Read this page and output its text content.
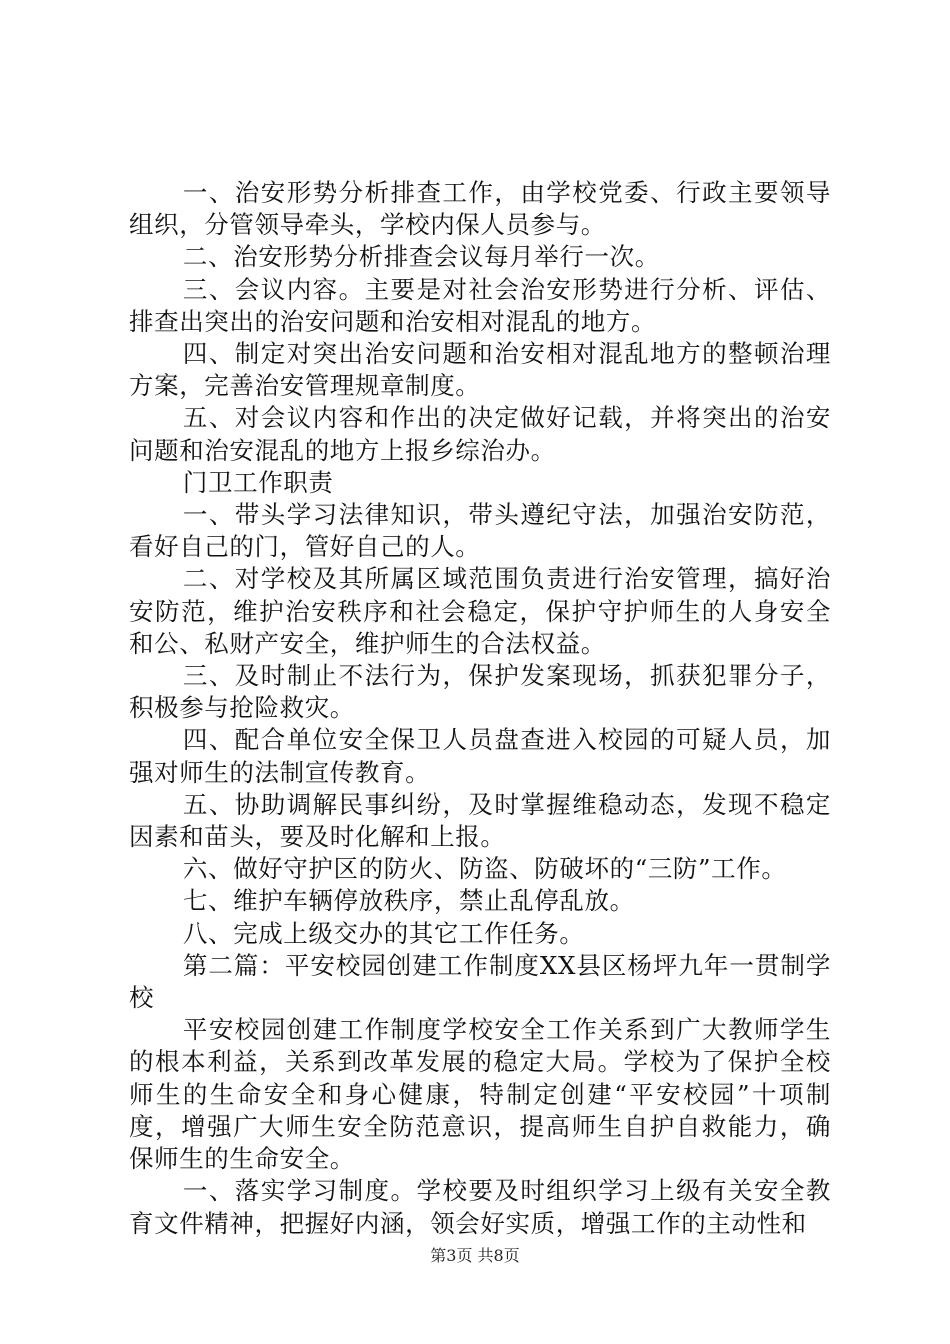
一、治安形势分析排查工作，由学校党委、行政主要领导组织，分管领导牵头，学校内保人员参与。

二、治安形势分析排查会议每月举行一次。

三、会议内容。主要是对社会治安形势进行分析、评估、排查出突出的治安问题和治安相对混乱的地方。

四、制定对突出治安问题和治安相对混乱地方的整顿治理方案，完善治安管理规章制度。

五、对会议内容和作出的决定做好记载，并将突出的治安问题和治安混乱的地方上报乡综治办。

门卫工作职责

一、带头学习法律知识，带头遵纪守法，加强治安防范，看好自己的门，管好自己的人。

二、对学校及其所属区域范围负责进行治安管理，搞好治安防范，维护治安秩序和社会稳定，保护守护师生的人身安全和公、私财产安全，维护师生的合法权益。

三、及时制止不法行为，保护发案现场，抓获犯罪分子，积极参与抢险救灾。

四、配合单位安全保卫人员盘查进入校园的可疑人员，加强对师生的法制宣传教育。

五、协助调解民事纠纷，及时掌握维稳动态，发现不稳定因素和苗头，要及时化解和上报。

六、做好守护区的防火、防盗、防破坏的“三防”工作。

七、维护车辆停放秩序，禁止乱停乱放。

八、完成上级交办的其它工作任务。

第二篇：平安校园创建工作制度XX县区杨坪九年一贯制学校

平安校园创建工作制度学校安全工作关系到广大教师学生的根本利益，关系到改革发展的稳定大局。学校为了保护全校师生的生命安全和身心健康，特制定创建“平安校园”十项制度，增强广大师生安全防范意识，提高师生自护自救能力，确保师生的生命安全。

一、落实学习制度。学校要及时组织学习上级有关安全教育文件精神，把握好内涵，领会好实质，增强工作的主动性和

第3页 共8页
